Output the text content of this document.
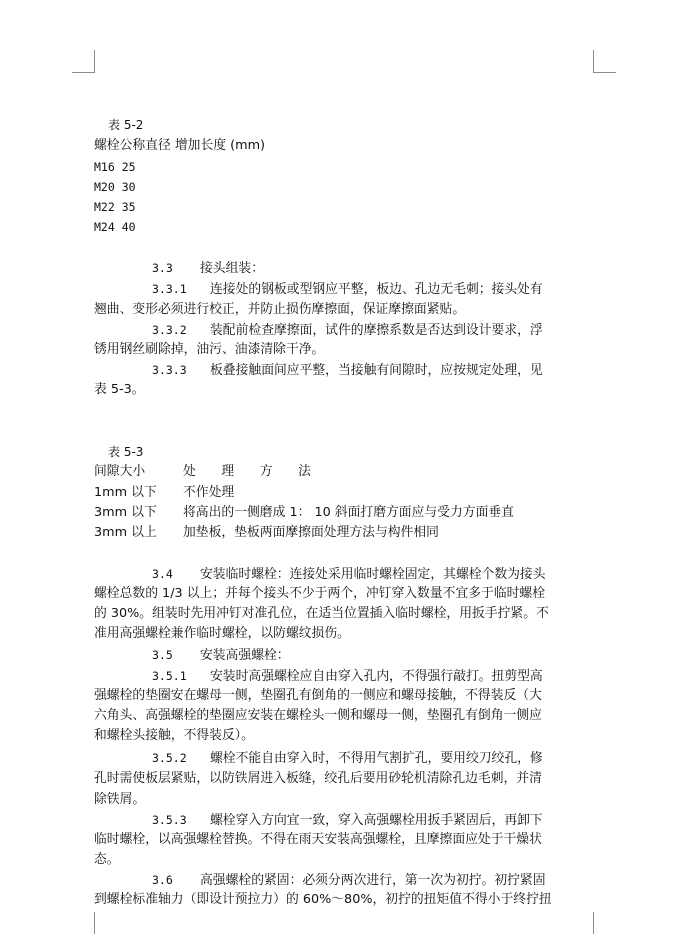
表 5-2
螺栓公称直径 增加长度 (mm)
M16 25
M20 30
M22 35
M24 40
3.3 接头组装：
3.3.1 连接处的钢板或型钢应平整，板边、孔边无毛刺；接头处有
翘曲、变形必须进行校正，并防止损伤摩擦面，保证摩擦面紧贴。
3.3.2 装配前检查摩擦面，试件的摩擦系数是否达到设计要求，浮
锈用钢丝刷除掉，油污、油漆清除干净。
3.3.3 板叠接触面间应平整，当接触有间隙时，应按规定处理，见
表 5-3。
表 5-3
间隙大小	处　　理　　方　　法
1mm 以下 不作处理
3mm 以下 将高出的一侧磨成 1： 10 斜面打磨方面应与受力方面垂直
3mm 以上 加垫板，垫板两面摩擦面处理方法与构件相同
3.4 安装临时螺栓：连接处采用临时螺栓固定，其螺栓个数为接头
螺栓总数的 1/3 以上；并每个接头不少于两个，冲钉穿入数量不宜多于临时螺栓
的 30%。组装时先用冲钉对准孔位，在适当位置插入临时螺栓，用扳手拧紧。不
准用高强螺栓兼作临时螺栓，以防螺纹损伤。
3.5 安装高强螺栓：
3.5.1 安装时高强螺栓应自由穿入孔内，不得强行敲打。扭剪型高
强螺栓的垫圈安在螺母一侧，垫圈孔有倒角的一侧应和螺母接触，不得装反（大
六角头、高强螺栓的垫圈应安装在螺栓头一侧和螺母一侧，垫圈孔有倒角一侧应
和螺栓头接触，不得装反）。
3.5.2 螺栓不能自由穿入时，不得用气割扩孔，要用绞刀绞孔，修
孔时需使板层紧贴，以防铁屑进入板缝，绞孔后要用砂轮机清除孔边毛刺，并清
除铁屑。
3.5.3 螺栓穿入方向宜一致，穿入高强螺栓用扳手紧固后，再卸下
临时螺栓，以高强螺栓替换。不得在雨天安装高强螺栓，且摩擦面应处于干燥状
态。
3.6 高强螺栓的紧固：必须分两次进行，第一次为初拧。初拧紧固
到螺栓标准轴力（即设计预拉力）的 60%～80%，初拧的扭矩值不得小于终拧扭
